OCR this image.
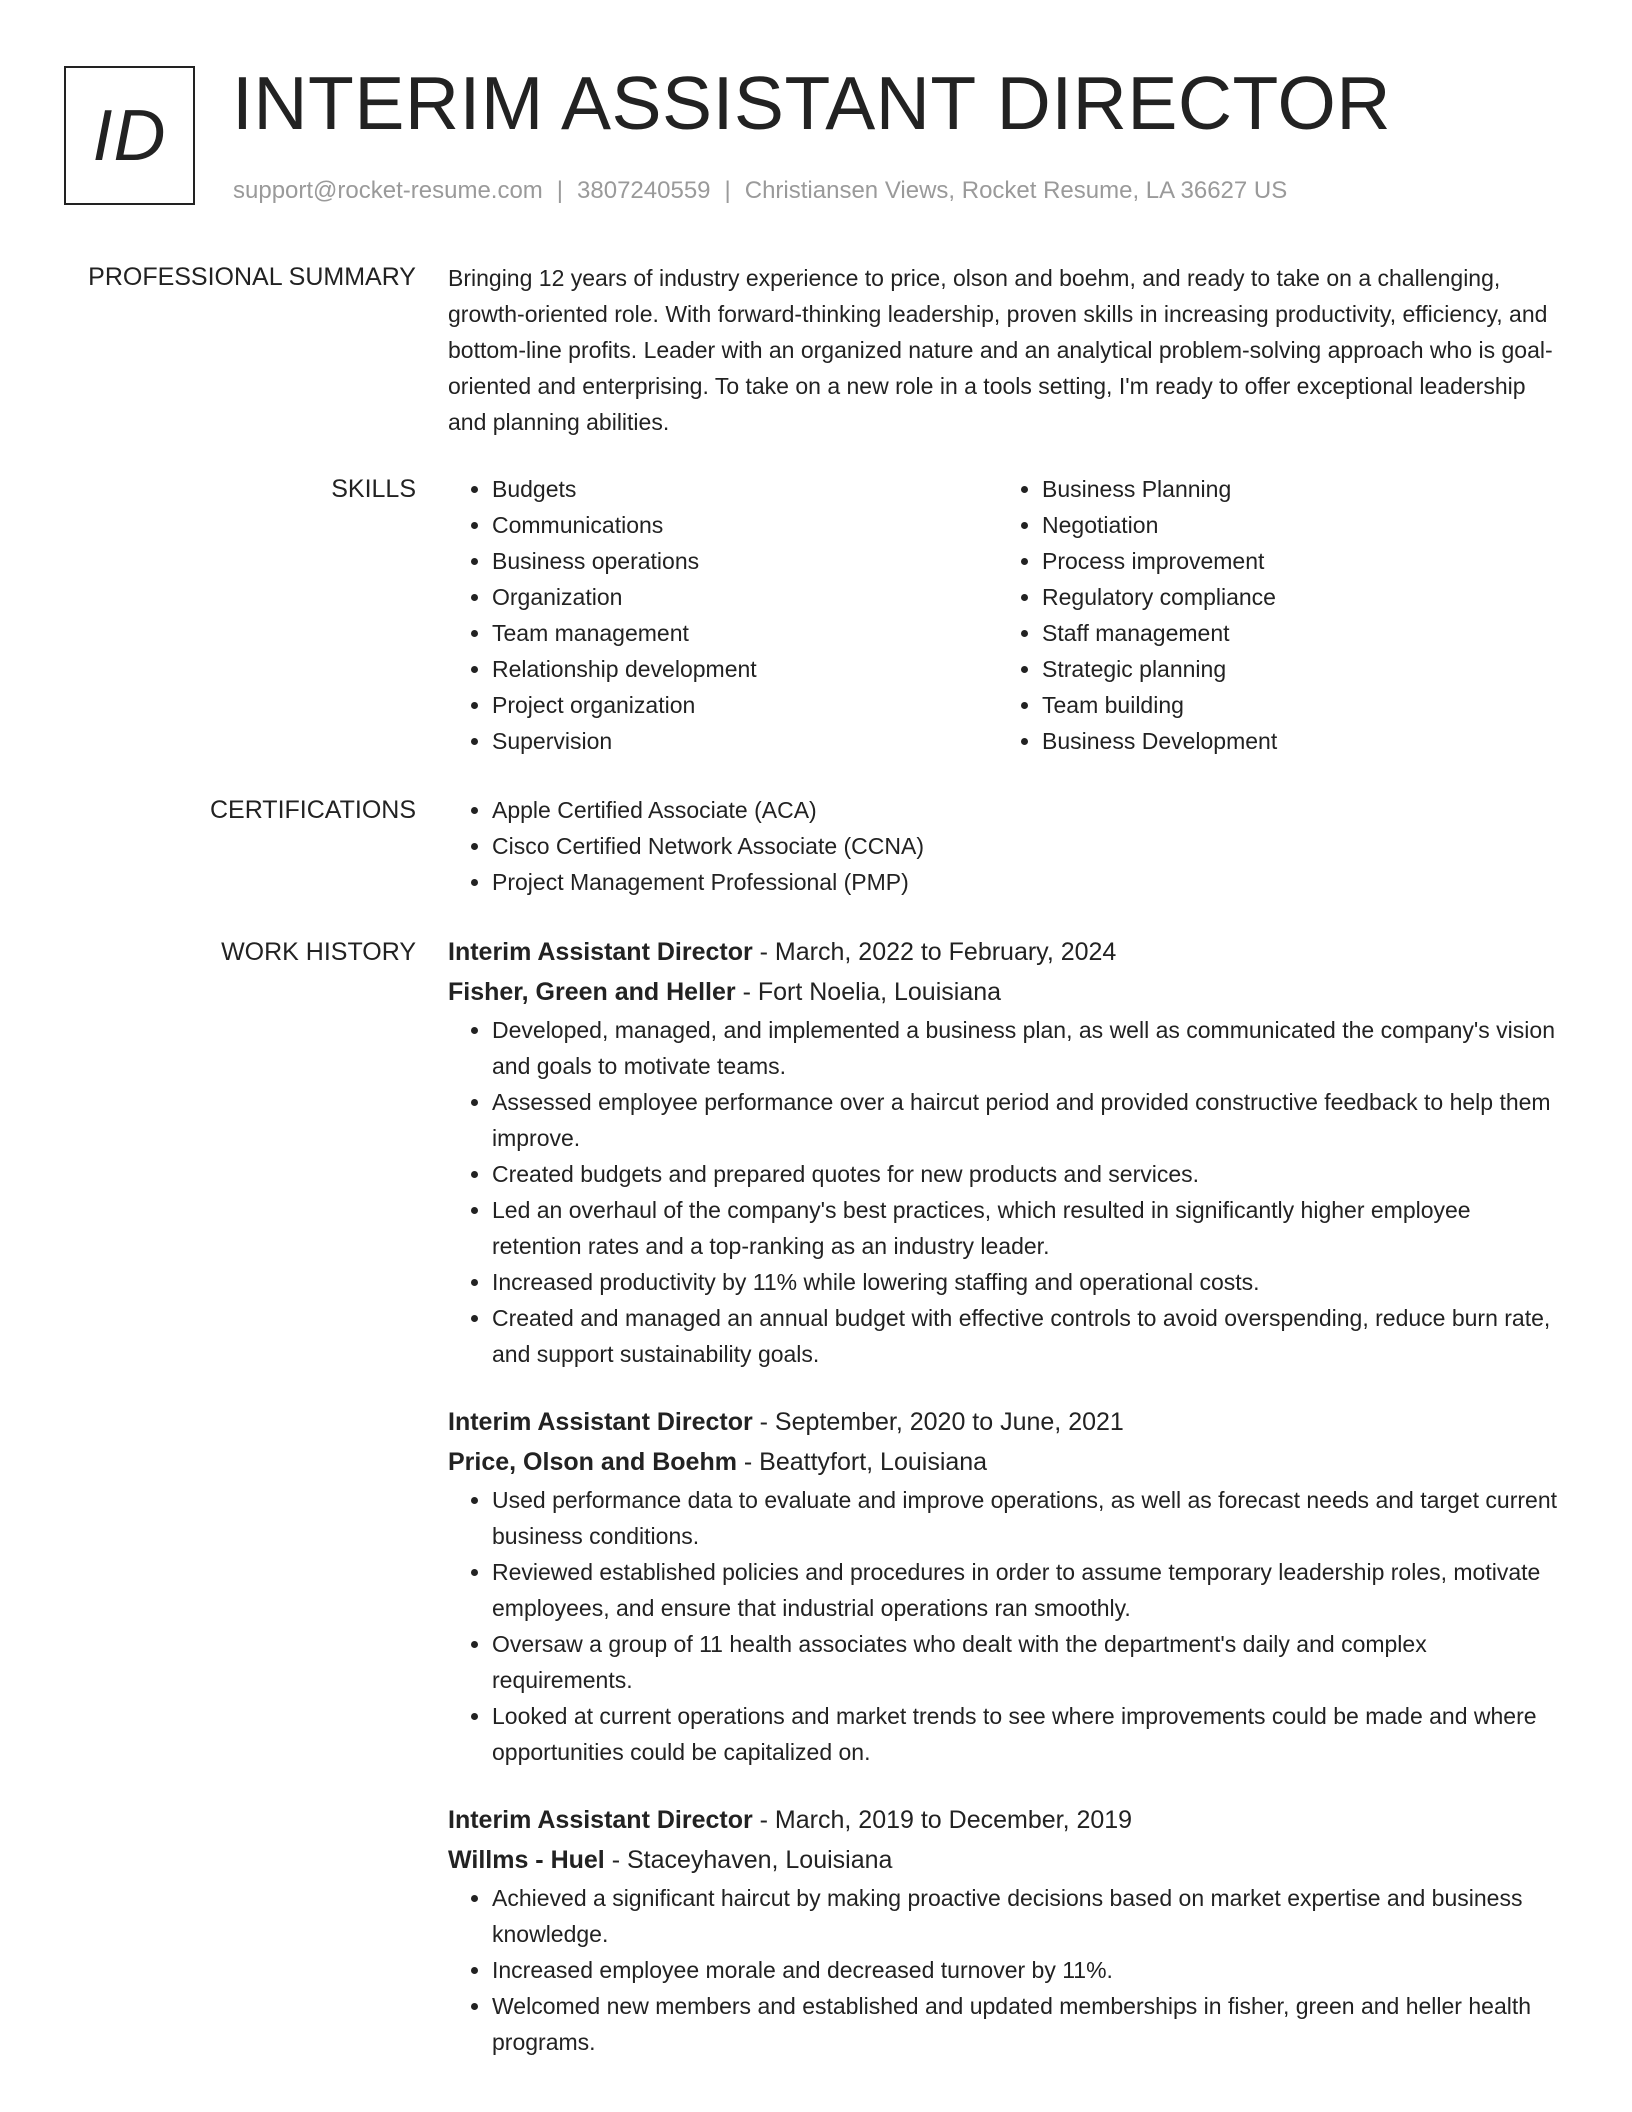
ID INTERIM ASSISTANT DIRECTOR
support@rocket-resume.com | 3807240559 | Christiansen Views, Rocket Resume, LA 36627 US
PROFESSIONAL SUMMARY Bringing 12 years of industry experience to price, olson and boehm, and ready to take on a challenging, growth-oriented role. With forward-thinking leadership, proven skills in increasing productivity, efficiency, and bottom-line profits. Leader with an organized nature and an analytical problem-solving approach who is goal-oriented and enterprising. To take on a new role in a tools setting, I'm ready to offer exceptional leadership and planning abilities.
SKILLS	• Budgets
• Communications
• Business operations
• Organization
• Team management
• Relationship development
• Project organization
• Supervision
• Business Planning
• Negotiation
• Process improvement
• Regulatory compliance
• Staff management
• Strategic planning
• Team building
• Business Development
CERTIFICATIONS	• Apple Certified Associate (ACA)
• Cisco Certified Network Associate (CCNA)
• Project Management Professional (PMP)
WORK HISTORY Interim Assistant Director - March, 2022 to February, 2024
Fisher, Green and Heller - Fort Noelia, Louisiana
• Developed, managed, and implemented a business plan, as well as communicated the company's vision and goals to motivate teams.
• Assessed employee performance over a haircut period and provided constructive feedback to help them improve.
• Created budgets and prepared quotes for new products and services.
• Led an overhaul of the company's best practices, which resulted in significantly higher employee retention rates and a top-ranking as an industry leader.
• Increased productivity by 11% while lowering staffing and operational costs.
• Created and managed an annual budget with effective controls to avoid overspending, reduce burn rate, and support sustainability goals.
Interim Assistant Director - September, 2020 to June, 2021
Price, Olson and Boehm - Beattyfort, Louisiana
• Used performance data to evaluate and improve operations, as well as forecast needs and target current business conditions.
• Reviewed established policies and procedures in order to assume temporary leadership roles, motivate employees, and ensure that industrial operations ran smoothly.
• Oversaw a group of 11 health associates who dealt with the department's daily and complex requirements.
• Looked at current operations and market trends to see where improvements could be made and where opportunities could be capitalized on.
Interim Assistant Director - March, 2019 to December, 2019
Willms - Huel - Staceyhaven, Louisiana
• Achieved a significant haircut by making proactive decisions based on market expertise and business knowledge.
• Increased employee morale and decreased turnover by 11%.
• Welcomed new members and established and updated memberships in fisher, green and heller health programs.
